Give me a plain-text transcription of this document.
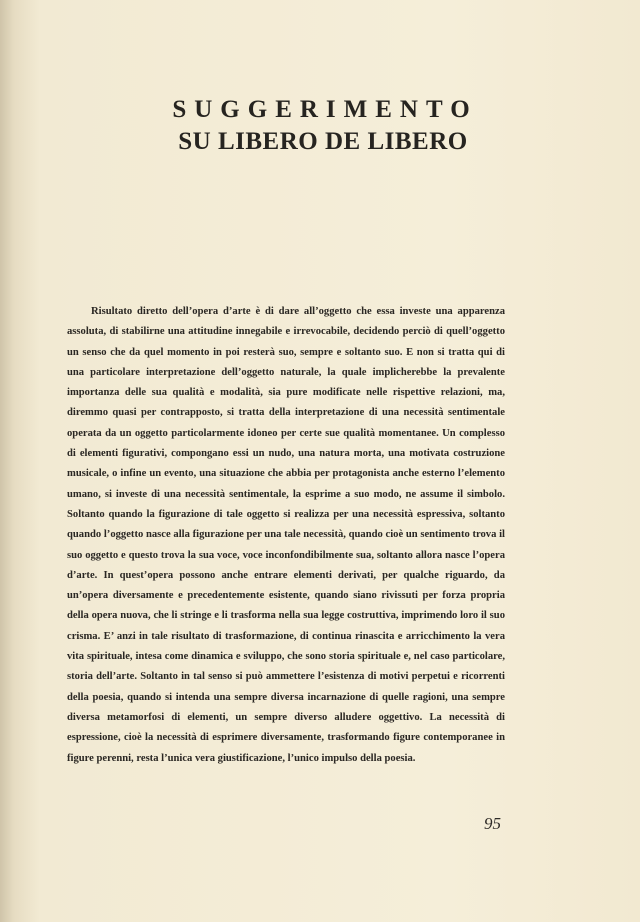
SUGGERIMENTO
SU LIBERO DE LIBERO

Risultato diretto dell’opera d’arte è di dare all’oggetto che essa investe una apparenza assoluta, di stabilirne una attitudine innegabile e irrevocabile, decidendo perciò di quell’oggetto un senso che da quel momento in poi resterà suo, sempre e soltanto suo. E non si tratta qui di una particolare interpretazione dell’oggetto naturale, la quale implicherebbe la prevalente importanza delle sua qualità e modalità, sia pure modificate nelle rispettive relazioni, ma, diremmo quasi per contrapposto, si tratta della interpretazione di una necessità sentimentale operata da un oggetto particolarmente idoneo per certe sue qualità momentanee. Un complesso di elementi figurativi, compongano essi un nudo, una natura morta, una motivata costruzione musicale, o infine un evento, una situazione che abbia per protagonista anche esterno l’elemento umano, si investe di una necessità sentimentale, la esprime a suo modo, ne assume il simbolo. Soltanto quando la figurazione di tale oggetto si realizza per una necessità espressiva, soltanto quando l’oggetto nasce alla figurazione per una tale necessità, quando cioè un sentimento trova il suo oggetto e questo trova la sua voce, voce inconfondibilmente sua, soltanto allora nasce l’opera d’arte. In quest’opera possono anche entrare elementi derivati, per qualche riguardo, da un’opera diversamente e precedentemente esistente, quando siano rivissuti per forza propria della opera nuova, che li stringe e li trasforma nella sua legge costruttiva, imprimendo loro il suo crisma. E’ anzi in tale risultato di trasformazione, di continua rinascita e arricchimento la vera vita spirituale, intesa come dinamica e sviluppo, che sono storia spirituale e, nel caso particolare, storia dell’arte. Soltanto in tal senso si può ammettere l’esistenza di motivi perpetui e ricorrenti della poesia, quando si intenda una sempre diversa incarnazione di quelle ragioni, una sempre diversa metamorfosi di elementi, un sempre diverso alludere oggettivo. La necessità di espressione, cioè la necessità di esprimere diversamente, trasformando figure contemporanee in figure perenni, resta l’unica vera giustificazione, l’unico impulso della poesia.

95
